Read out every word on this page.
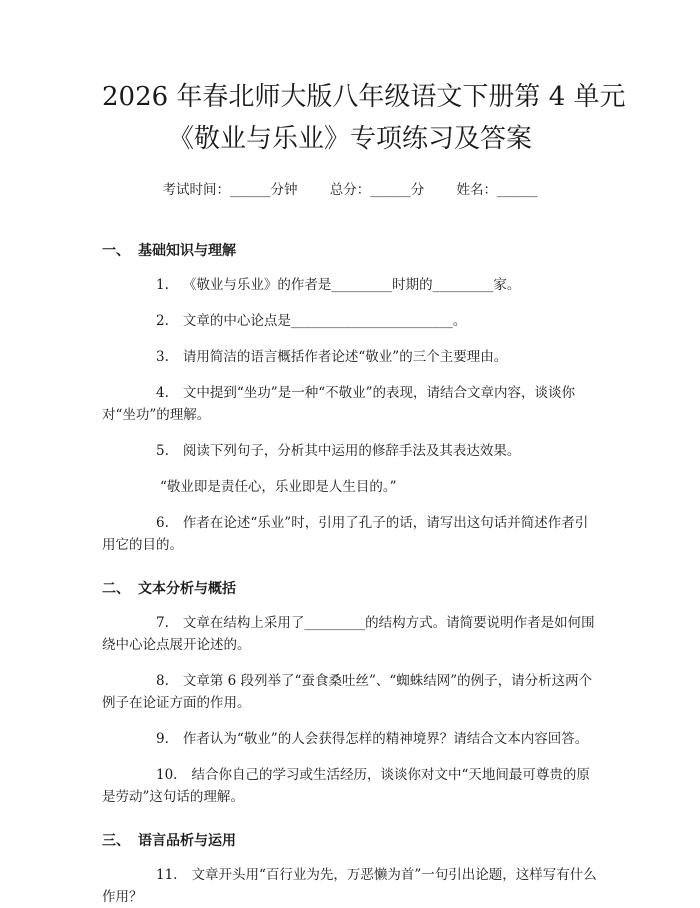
2026 年春北师大版八年级语文下册第 4 单元
《敬业与乐业》专项练习及答案
考试时间：______分钟 总分：______分 姓名：______
一、 基础知识与理解
1. 《敬业与乐业》的作者是_________时期的_________家。
2. 文章的中心论点是________________________。
3. 请用简洁的语言概括作者论述“敬业”的三个主要理由。
4. 文中提到“坐功”是一种“不敬业”的表现，请结合文章内容，谈谈你对“坐功”的理解。
5. 阅读下列句子，分析其中运用的修辞手法及其表达效果。
“敬业即是责任心，乐业即是人生目的。”
6. 作者在论述“乐业”时，引用了孔子的话，请写出这句话并简述作者引用它的目的。
二、 文本分析与概括
7. 文章在结构上采用了_________的结构方式。请简要说明作者是如何围绕中心论点展开论述的。
8. 文章第 6 段列举了“蚕食桑吐丝”、“蜘蛛结网”的例子，请分析这两个例子在论证方面的作用。
9. 作者认为“敬业”的人会获得怎样的精神境界？请结合文本内容回答。
10. 结合你自己的学习或生活经历，谈谈你对文中“天地间最可尊贵的原是劳动”这句话的理解。
三、 语言品析与运用
11. 文章开头用“百行业为先，万恶懒为首”一句引出论题，这样写有什么作用？
